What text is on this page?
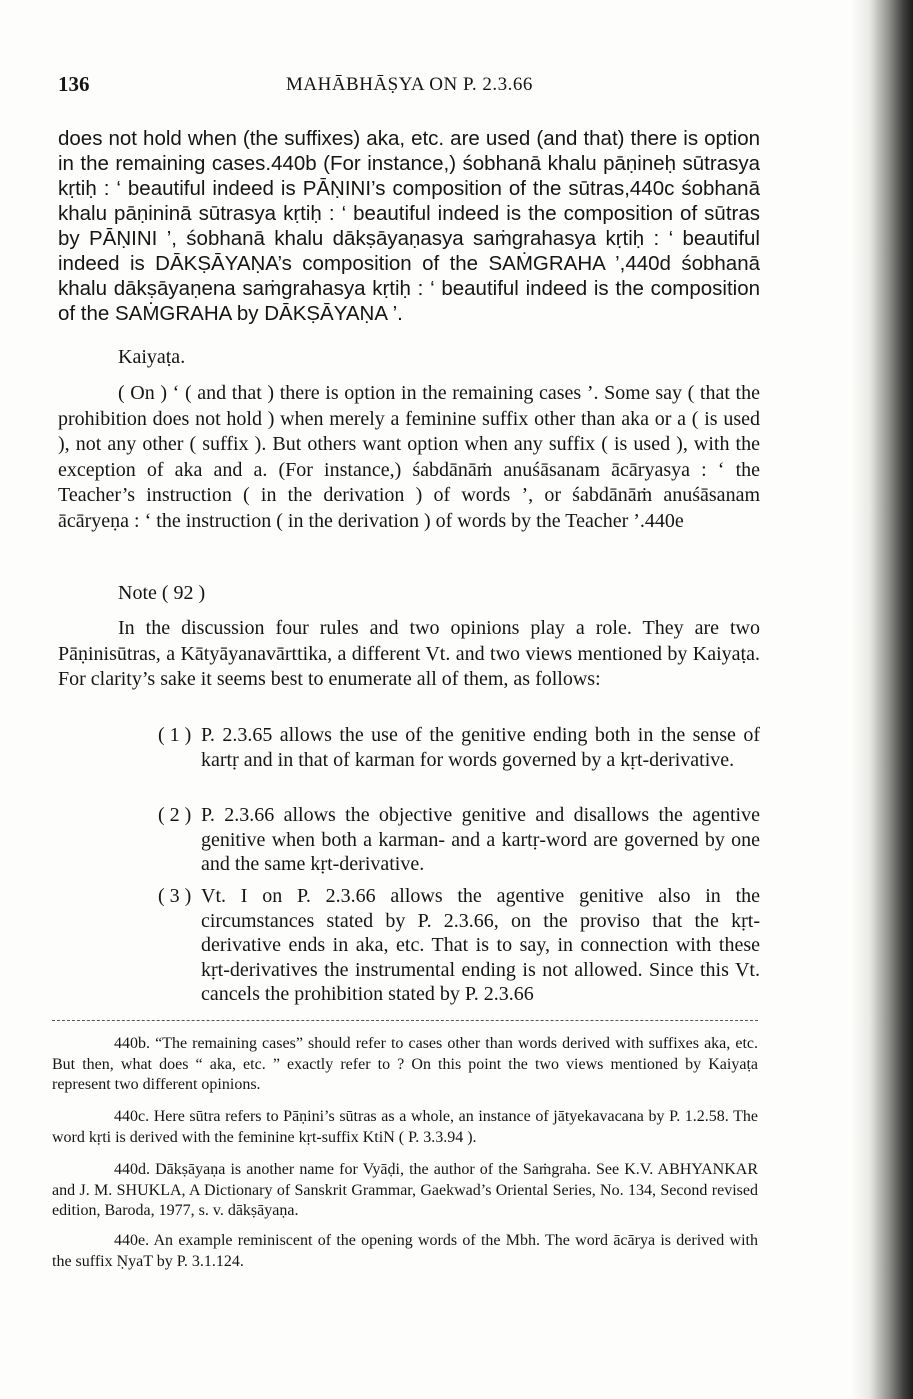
136	MAHĀBHĀṢYA ON P. 2.3.66

does not hold when (the suffixes) aka, etc. are used (and that) there is option in the remaining cases.440b (For instance,) śobhanā khalu pāṇineḥ sūtrasya kṛtiḥ : ‘ beautiful indeed is PĀṆINI’s composition of the sūtras,440c śobhanā khalu pāṇininā sūtrasya kṛtiḥ : ‘ beautiful indeed is the composition of sūtras by PĀṆINI ’, śobhanā khalu dākṣāyaṇasya saṁgrahasya kṛtiḥ : ‘ beautiful indeed is DĀKṢĀYAṆA’s composition of the SAṀGRAHA ’,440d śobhanā khalu dākṣāyaṇena saṁgrahasya kṛtiḥ : ‘ beautiful indeed is the composition of the SAṀGRAHA by DĀKṢĀYAṆA ’.

Kaiyaṭa.

( On ) ‘ ( and that ) there is option in the remaining cases ’. Some say ( that the prohibition does not hold ) when merely a feminine suffix other than aka or a ( is used ), not any other ( suffix ). But others want option when any suffix ( is used ), with the exception of aka and a. (For instance,) śabdānāṁ anuśāsanam ācāryasya : ‘ the Teacher’s instruction ( in the derivation ) of words ’, or śabdānāṁ anuśāsanam ācāryeṇa : ‘ the instruction ( in the derivation ) of words by the Teacher ’.440e

Note ( 92 )

In the discussion four rules and two opinions play a role. They are two Pāṇinisūtras, a Kātyāyanavārttika, a different Vt. and two views mentioned by Kaiyaṭa. For clarity’s sake it seems best to enumerate all of them, as follows:

( 1 ) P. 2.3.65 allows the use of the genitive ending both in the sense of kartṛ and in that of karman for words governed by a kṛt-derivative.

( 2 ) P. 2.3.66 allows the objective genitive and disallows the agentive genitive when both a karman- and a kartṛ-word are governed by one and the same kṛt-derivative.

( 3 ) Vt. I on P. 2.3.66 allows the agentive genitive also in the circumstances stated by P. 2.3.66, on the proviso that the kṛt-derivative ends in aka, etc. That is to say, in connection with these kṛt-derivatives the instrumental ending is not allowed. Since this Vt. cancels the prohibition stated by P. 2.3.66

440b. “The remaining cases” should refer to cases other than words derived with suffixes aka, etc. But then, what does “ aka, etc. ” exactly refer to ? On this point the two views mentioned by Kaiyaṭa represent two different opinions.

440c. Here sūtra refers to Pāṇini’s sūtras as a whole, an instance of jātyekavacana by P. 1.2.58. The word kṛti is derived with the feminine kṛt-suffix KtiN ( P. 3.3.94 ).

440d. Dākṣāyaṇa is another name for Vyāḍi, the author of the Saṁgraha. See K.V. ABHYANKAR and J. M. SHUKLA, A Dictionary of Sanskrit Grammar, Gaekwad’s Oriental Series, No. 134, Second revised edition, Baroda, 1977, s. v. dākṣāyaṇa.

440e. An example reminiscent of the opening words of the Mbh. The word ācārya is derived with the suffix ṆyaT by P. 3.1.124.
